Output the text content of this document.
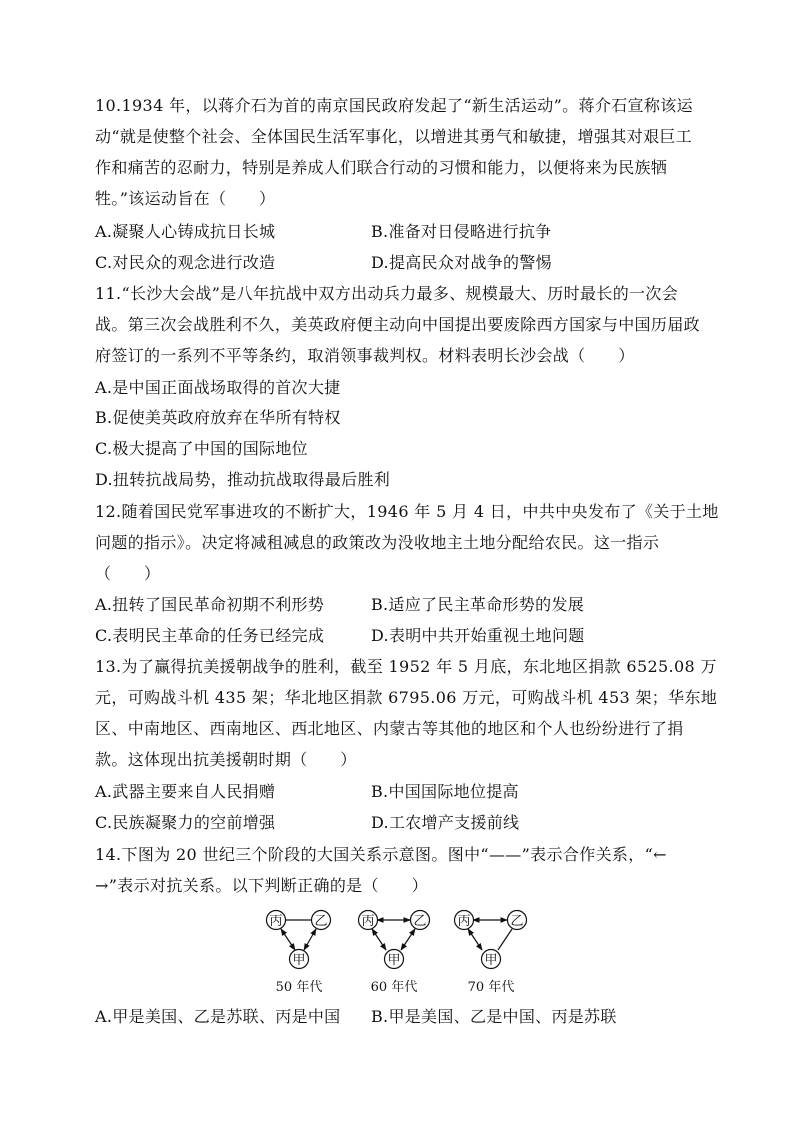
10.1934 年，以蒋介石为首的南京国民政府发起了“新生活运动”。蒋介石宣称该运
动“就是使整个社会、全体国民生活军事化，以增进其勇气和敏捷，增强其对艰巨工
作和痛苦的忍耐力，特别是养成人们联合行动的习惯和能力，以便将来为民族牺
牲。”该运动旨在（　　）
A.凝聚人心铸成抗日长城	B.准备对日侵略进行抗争
C.对民众的观念进行改造	D.提高民众对战争的警惕
11.“长沙大会战”是八年抗战中双方出动兵力最多、规模最大、历时最长的一次会
战。第三次会战胜利不久，美英政府便主动向中国提出要废除西方国家与中国历届政
府签订的一系列不平等条约，取消领事裁判权。材料表明长沙会战（　　）
A.是中国正面战场取得的首次大捷
B.促使美英政府放弃在华所有特权
C.极大提高了中国的国际地位
D.扭转抗战局势，推动抗战取得最后胜利
12.随着国民党军事进攻的不断扩大，1946 年 5 月 4 日，中共中央发布了《关于土地
问题的指示》。决定将减租减息的政策改为没收地主土地分配给农民。这一指示
（　　）
A.扭转了国民革命初期不利形势	B.适应了民主革命形势的发展
C.表明民主革命的任务已经完成	D.表明中共开始重视土地问题
13.为了赢得抗美援朝战争的胜利，截至 1952 年 5 月底，东北地区捐款 6525.08 万
元，可购战斗机 435 架；华北地区捐款 6795.06 万元，可购战斗机 453 架；华东地
区、中南地区、西南地区、西北地区、内蒙古等其他的地区和个人也纷纷进行了捐
款。这体现出抗美援朝时期（　　）
A.武器主要来自人民捐赠	B.中国国际地位提高
C.民族凝聚力的空前增强	D.工农增产支援前线
14.下图为 20 世纪三个阶段的大国关系示意图。图中“——”表示合作关系，“←
→”表示对抗关系。以下判断正确的是（　　）
丙 乙
甲
50 年代
丙	乙
甲
60 年代
丙	乙
甲
70 年代
A.甲是美国、乙是苏联、丙是中国 B.甲是美国、乙是中国、丙是苏联
